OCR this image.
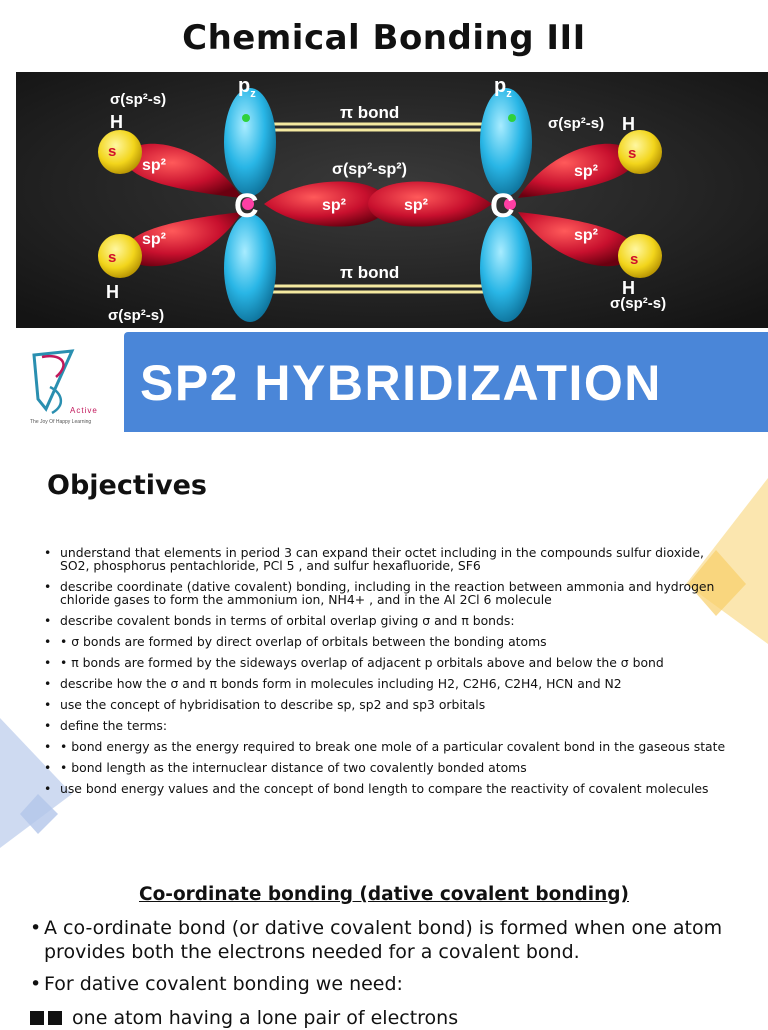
Chemical Bonding III
$p_z$	$p_z$
π bond
π bond
σ(sp²-sp²)
σ(sp²-s)
H	σ(sp²-s) H
H
σ(sp²-s)
H
σ(sp²-s)
C	C
sp²
sp²
sp²	sp²
sp²
sp²
s
s
s
s
Active
The Joy Of Happy Learning
SP2 HYBRIDIZATION
Objectives
• understand that elements in period 3 can expand their octet including in the compounds sulfur dioxide, SO2, phosphorus pentachloride, PCl 5 , and sulfur hexafluoride, SF6
• describe coordinate (dative covalent) bonding, including in the reaction between ammonia and hydrogen chloride gases to form the ammonium ion, NH4+ , and in the Al 2Cl 6 molecule
• describe covalent bonds in terms of orbital overlap giving σ and π bonds:
• • σ bonds are formed by direct overlap of orbitals between the bonding atoms
• • π bonds are formed by the sideways overlap of adjacent p orbitals above and below the σ bond
• describe how the σ and π bonds form in molecules including H2, C2H6, C2H4, HCN and N2
• use the concept of hybridisation to describe sp, sp2 and sp3 orbitals
• define the terms:
• • bond energy as the energy required to break one mole of a particular covalent bond in the gaseous state
• • bond length as the internuclear distance of two covalently bonded atoms
• use bond energy values and the concept of bond length to compare the reactivity of covalent molecules
Co-ordinate bonding (dative covalent bonding)
• A co-ordinate bond (or dative covalent bond) is formed when one atom provides both the electrons needed for a covalent bond.
• For dative covalent bonding we need:
one atom having a lone pair of electrons
